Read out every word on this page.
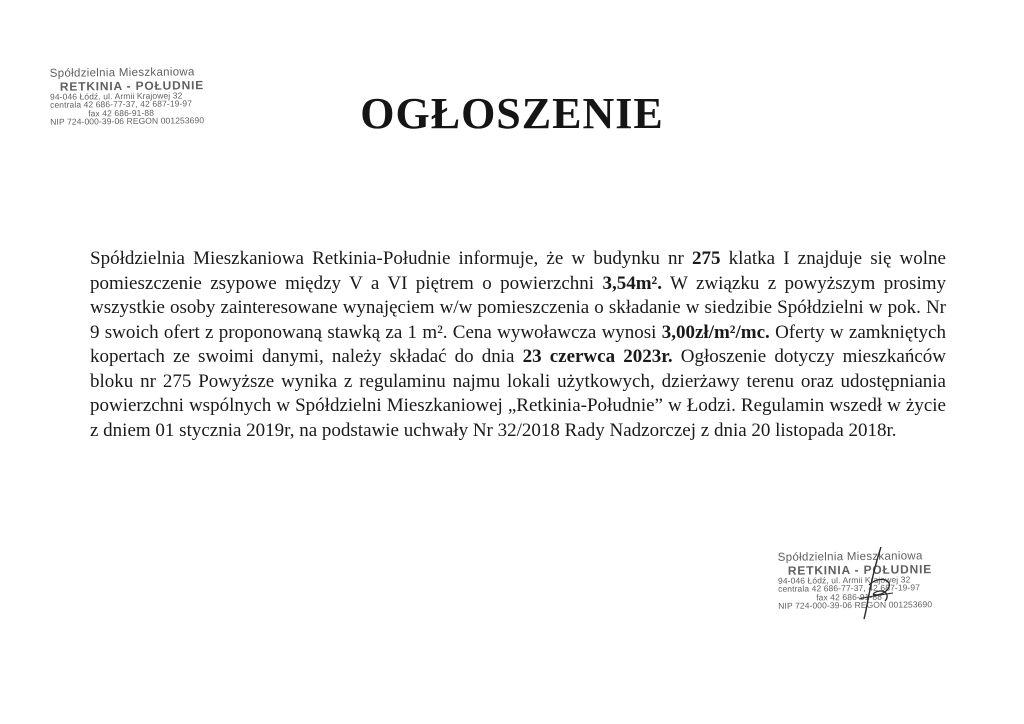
Spółdzielnia Mieszkaniowa
RETKINIA - POŁUDNIE
94-046 Łódź, ul. Armii Krajowej 32
centrala 42 686-77-37, 42 687-19-97
fax 42 686-91-88
NIP 724-000-39-06 REGON 001253690	OGŁOSZENIE

Spółdzielnia Mieszkaniowa Retkinia-Południe informuje, że w budynku nr 275 klatka I znajduje się wolne pomieszczenie zsypowe między V a VI piętrem o powierzchni 3,54m². W związku z powyższym prosimy wszystkie osoby zainteresowane wynajęciem w/w pomieszczenia o składanie w siedzibie Spółdzielni w pok. Nr 9 swoich ofert z proponowaną stawką za 1 m². Cena wywoławcza wynosi 3,00zł/m²/mc. Oferty w zamkniętych kopertach ze swoimi danymi, należy składać do dnia 23 czerwca 2023r. Ogłoszenie dotyczy mieszkańców bloku nr 275 Powyższe wynika z regulaminu najmu lokali użytkowych, dzierżawy terenu oraz udostępniania powierzchni wspólnych w Spółdzielni Mieszkaniowej „Retkinia-Południe” w Łodzi. Regulamin wszedł w życie z dniem 01 stycznia 2019r, na podstawie uchwały Nr 32/2018 Rady Nadzorczej z dnia 20 listopada 2018r.

Spółdzielnia Mieszkaniowa
RETKINIA - POŁUDNIE
94-046 Łódź, ul. Armii Krajowej 32
centrala 42 686-77-37, 42 687-19-97
fax 42 686-91-88
NIP 724-000-39-06 REGON 001253690
